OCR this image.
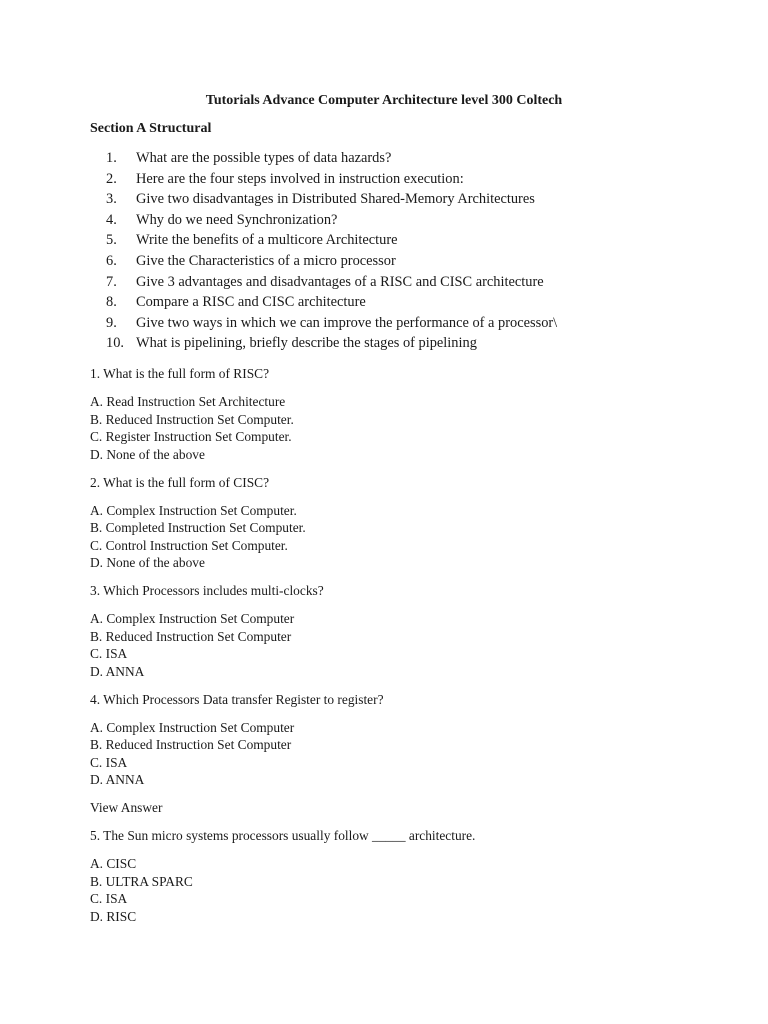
Tutorials Advance Computer Architecture level 300 Coltech
Section A Structural
1.	What are the possible types of data hazards?
2.	Here are the four steps involved in instruction execution:
3.	Give two disadvantages in Distributed Shared-Memory Architectures
4.	Why do we need Synchronization?
5.	Write the benefits of a multicore Architecture
6.	Give the Characteristics of a micro processor
7.	Give 3 advantages and disadvantages of a RISC and CISC architecture
8.	Compare a RISC and CISC architecture
9.	Give two ways in which we can improve the performance of a processor\
10. What is pipelining, briefly describe the stages of pipelining
1. What is the full form of RISC?
A. Read Instruction Set Architecture
B. Reduced Instruction Set Computer.
C. Register Instruction Set Computer.
D. None of the above
2. What is the full form of CISC?
A. Complex Instruction Set Computer.
B. Completed Instruction Set Computer.
C. Control Instruction Set Computer.
D. None of the above
3. Which Processors includes multi-clocks?
A. Complex Instruction Set Computer
B. Reduced Instruction Set Computer
C. ISA
D. ANNA
4. Which Processors Data transfer Register to register?
A. Complex Instruction Set Computer
B. Reduced Instruction Set Computer
C. ISA
D. ANNA
View Answer
5. The Sun micro systems processors usually follow _____ architecture.
A. CISC
B. ULTRA SPARC
C. ISA
D. RISC
